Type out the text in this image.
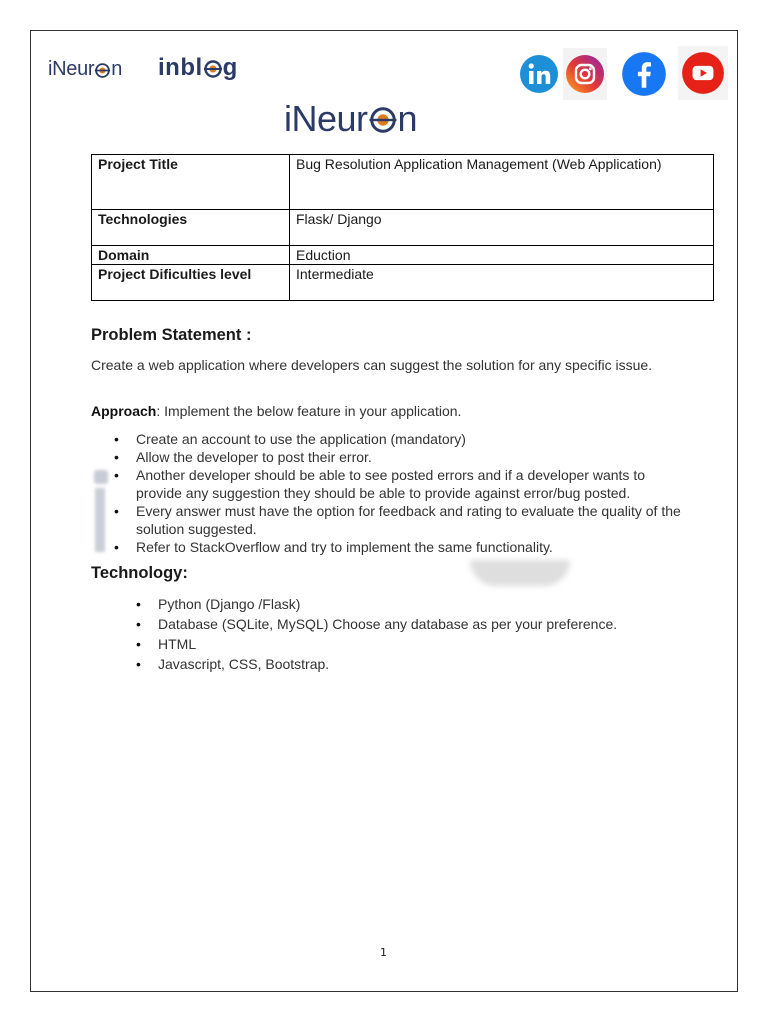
iNeur n inbl g
iNeur n
Project Title	Bug Resolution Application Management (Web Application)
Technologies	Flask/ Django
Domain	Eduction
Project Dificulties level	Intermediate
Problem Statement :
Create a web application where developers can suggest the solution for any specific issue.
Approach: Implement the below feature in your application.
• Create an account to use the application (mandatory)
• Allow the developer to post their error.
• Another developer should be able to see posted errors and if a developer wants to provide any suggestion they should be able to provide against error/bug posted.
• Every answer must have the option for feedback and rating to evaluate the quality of the solution suggested.
• Refer to StackOverflow and try to implement the same functionality.
Technology:
• Python (Django /Flask)
• Database (SQLite, MySQL) Choose any database as per your preference.
• HTML
• Javascript, CSS, Bootstrap.
1
